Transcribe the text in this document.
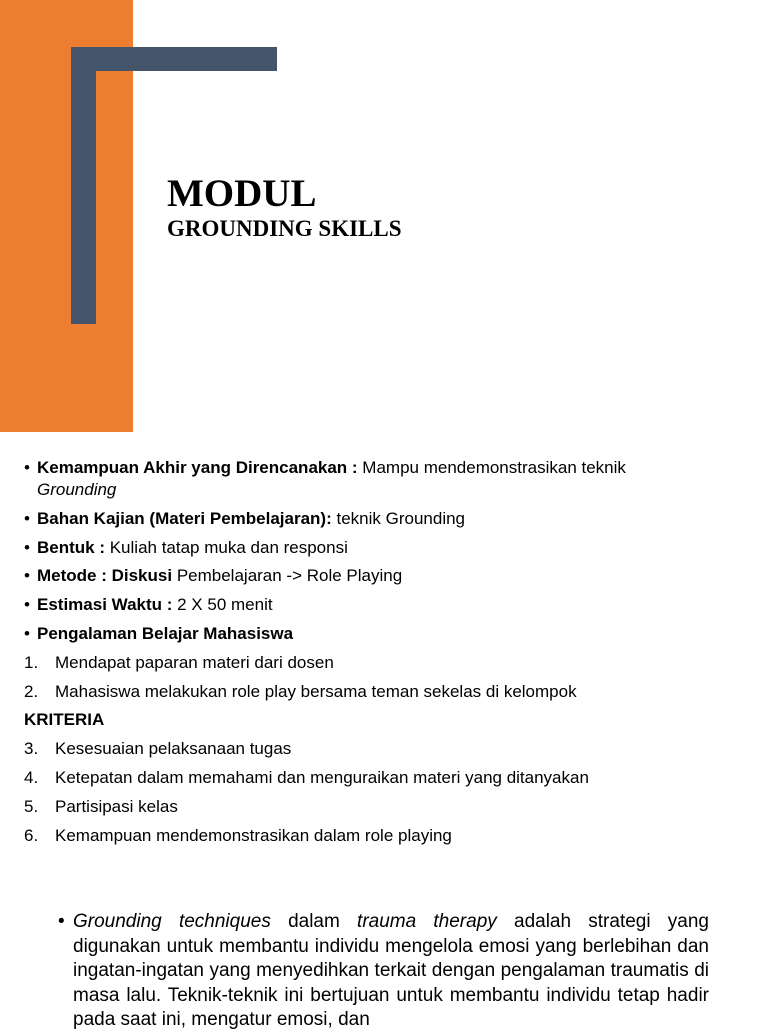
MODUL
GROUNDING SKILLS
• Kemampuan Akhir yang Direncanakan : Mampu mendemonstrasikan teknik
Grounding
• Bahan Kajian (Materi Pembelajaran): teknik Grounding
• Bentuk : Kuliah tatap muka dan responsi
• Metode : Diskusi Pembelajaran -> Role Playing
• Estimasi Waktu : 2 X 50 menit
• Pengalaman Belajar Mahasiswa
1. Mendapat paparan materi dari dosen
2. Mahasiswa melakukan role play bersama teman sekelas di kelompok
KRITERIA
3. Kesesuaian pelaksanaan tugas
4. Ketepatan dalam memahami dan menguraikan materi yang ditanyakan
5. Partisipasi kelas
6. Kemampuan mendemonstrasikan dalam role playing
• Grounding techniques dalam trauma therapy adalah strategi yang digunakan untuk membantu individu mengelola emosi yang berlebihan dan ingatan-ingatan yang menyedihkan terkait dengan pengalaman traumatis di masa lalu. Teknik-teknik ini bertujuan untuk membantu individu tetap hadir pada saat ini, mengatur emosi, dan
